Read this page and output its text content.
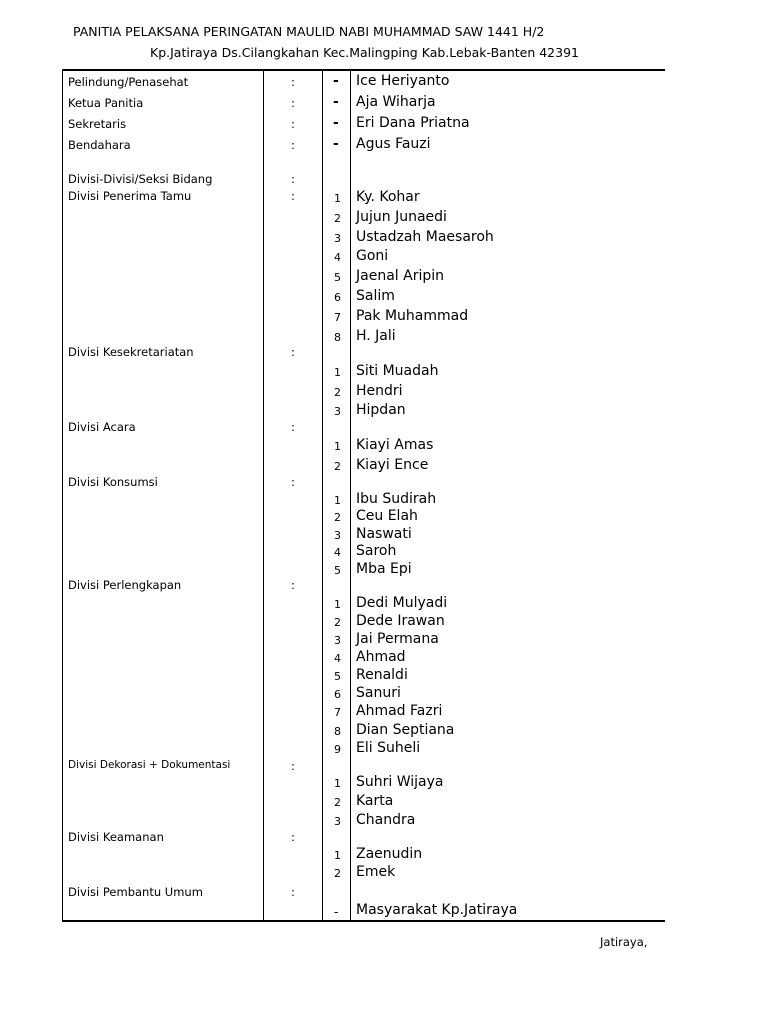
PANITIA PELAKSANA PERINGATAN MAULID NABI MUHAMMAD SAW 1441 H/2
Kp.Jatiraya Ds.Cilangkahan Kec.Malingping Kab.Lebak-Banten 42391
Pelindung/Penasehat	:	- Ice Heriyanto
Ketua Panitia	:	- Aja Wiharja
Sekretaris	:	- Eri Dana Priatna
Bendahara	:	- Agus Fauzi
Divisi-Divisi/Seksi Bidang	:
Divisi Penerima Tamu	:	1 Ky. Kohar
2 Jujun Junaedi
3 Ustadzah Maesaroh
4 Goni
5 Jaenal Aripin
6 Salim
7 Pak Muhammad
8 H. Jali
Divisi Kesekretariatan	:
1 Siti Muadah
2 Hendri
3 Hipdan
Divisi Acara	:
1 Kiayi Amas
2 Kiayi Ence
Divisi Konsumsi	:
1 Ibu Sudirah
2 Ceu Elah
3 Naswati
4 Saroh
5 Mba Epi
Divisi Perlengkapan	:
1 Dedi Mulyadi
2 Dede Irawan
3 Jai Permana
4 Ahmad
5 Renaldi
6 Sanuri
7 Ahmad Fazri
8 Dian Septiana
9 Eli Suheli
Divisi Dekorasi + Dokumentasi	:
1 Suhri Wijaya
2 Karta
3 Chandra
Divisi Keamanan	:
1 Zaenudin
2 Emek
Divisi Pembantu Umum	:
- Masyarakat Kp.Jatiraya
Jatiraya,
